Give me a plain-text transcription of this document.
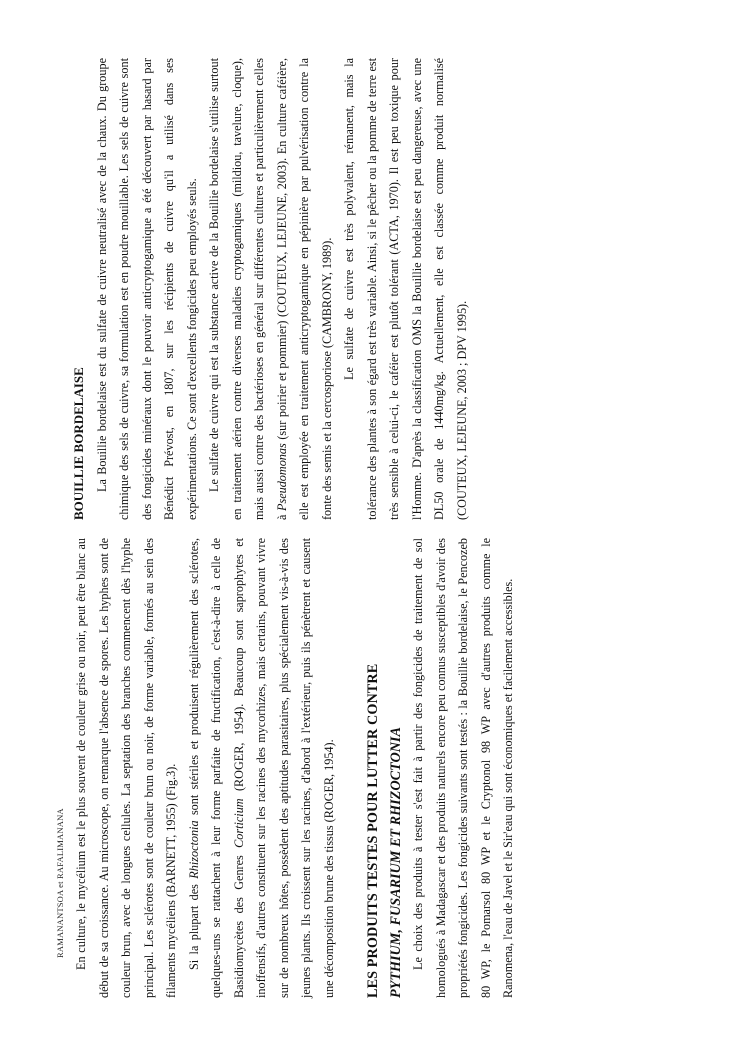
RAMANANTSOA et RAFALIMANANA En culture, le mycélium est le plus souvent de couleur grise ou noir, peut être blanc au début de sa croissance. Au microscope, on remarque l'absence de spores. Les hyphes sont de couleur brun, avec de longues cellules. La septation des branches commencent dès l'hyphe principal. Les sclérotes sont de couleur brun ou noir, de forme variable, formés au sein des filaments mycéliens (BARNETT, 1955) (Fig.3). Si la plupart des Rhizoctonia sont stériles et produisent régulièrement des sclérotes, quelques-uns se rattachent à leur forme parfaite de fructification, c'est-à-dire à celle de Basidiomycètes des Genres Corticium (ROGER, 1954). Beaucoup sont saprophytes et inoffensifs, d'autres constituent sur les racines des mycorhizes, mais certains, pouvant vivre sur de nombreux hôtes, possèdent des aptitudes parasitaires, plus spécialement vis-à-vis des jeunes plants. Ils croissent sur les racines, d'abord à l'extérieur, puis ils pénètrent et causent une décomposition brune des tissus (ROGER, 1954).	LES PRODUITS TESTES POUR LUTTER CONTRE PYTHIUM, FUSARIUM ET RHIZOCTONIA Le choix des produits à tester s'est fait à partir des fongicides de traitement de sol homologués à Madagascar et des produits naturels encore peu connus susceptibles d'avoir des propriétés fongicides. Les fongicides suivants sont testés : la Bouillie bordelaise, le Pencozeb 80 WP, le Pomarsol 80 WP et le Cryptonol 98 WP avec d'autres produits comme le Ranomena, l'eau de Javel et le Sir'eau qui sont économiques et facilement accessibles.

BOUILLIE BORDELAISE La Bouillie bordelaise est du sulfate de cuivre neutralisé avec de la chaux. Du groupe chimique des sels de cuivre, sa formulation est en poudre mouillable. Les sels de cuivre sont des fongicides minéraux dont le pouvoir anticryptogamique a été découvert par hasard par Bénédict Prévost, en 1807, sur les récipients de cuivre qu'il a utilisé dans ses expérimentations. Ce sont d'excellents fongicides peu employés seuls. Le sulfate de cuivre qui est la substance active de la Bouillie bordelaise s'utilise surtout en traitement aérien contre diverses maladies cryptogamiques (mildiou, tavelure, cloque), mais aussi contre des bactérioses en général sur différentes cultures et particulièrement celles à Pseudomonas (sur poirier et pommier) (COUTEUX, LEJEUNE, 2003). En culture caféière, elle est employée en traitement anticryptogamique en pépinière par pulvérisation contre la fonte des semis et la cercosporiose (CAMBRONY, 1989). Le sulfate de cuivre est très polyvalent, rémanent, mais la tolérance des plantes à son égard est très variable. Ainsi, si le pêcher ou la pomme de terre est très sensible à celui-ci, le caféier est plutôt tolérant (ACTA, 1970). Il est peu toxique pour l'Homme. D'après la classification OMS la Bouillie bordelaise est peu dangereuse, avec une DL50 orale de 1440mg/kg. Actuellement, elle est classée comme produit normalisé (COUTEUX, LEJEUNE, 2003 ; DPV 1995).
